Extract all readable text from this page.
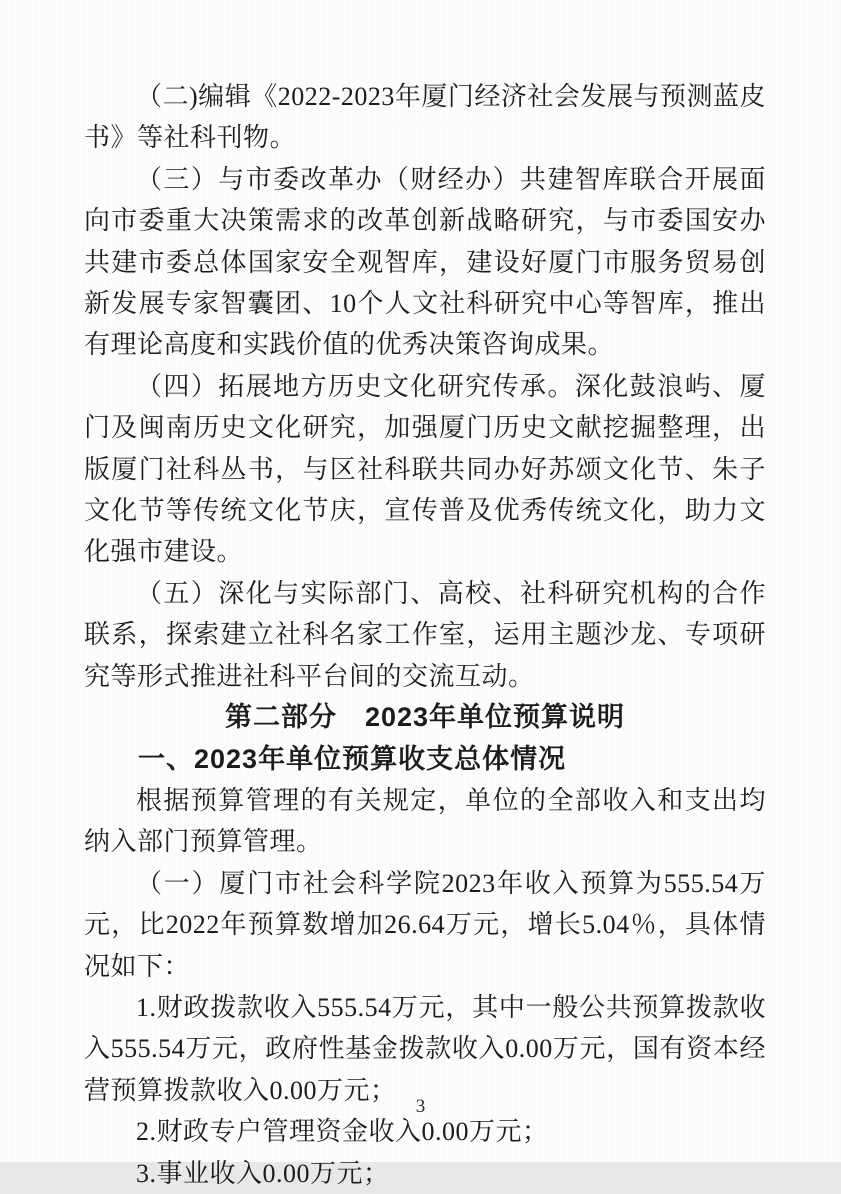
（二)编辑《2022-2023年厦门经济社会发展与预测蓝皮书》等社科刊物。

（三）与市委改革办（财经办）共建智库联合开展面向市委重大决策需求的改革创新战略研究，与市委国安办共建市委总体国家安全观智库，建设好厦门市服务贸易创新发展专家智囊团、10个人文社科研究中心等智库，推出有理论高度和实践价值的优秀决策咨询成果。

（四）拓展地方历史文化研究传承。深化鼓浪屿、厦门及闽南历史文化研究，加强厦门历史文献挖掘整理，出版厦门社科丛书，与区社科联共同办好苏颂文化节、朱子文化节等传统文化节庆，宣传普及优秀传统文化，助力文化强市建设。

（五）深化与实际部门、高校、社科研究机构的合作联系，探索建立社科名家工作室，运用主题沙龙、专项研究等形式推进社科平台间的交流互动。

第二部分　2023年单位预算说明
一、2023年单位预算收支总体情况

根据预算管理的有关规定，单位的全部收入和支出均纳入部门预算管理。

（一）厦门市社会科学院2023年收入预算为555.54万元，比2022年预算数增加26.64万元，增长5.04％，具体情况如下：

1.财政拨款收入555.54万元，其中一般公共预算拨款收入555.54万元，政府性基金拨款收入0.00万元，国有资本经营预算拨款收入0.00万元；

2.财政专户管理资金收入0.00万元；

3.事业收入0.00万元；

3
